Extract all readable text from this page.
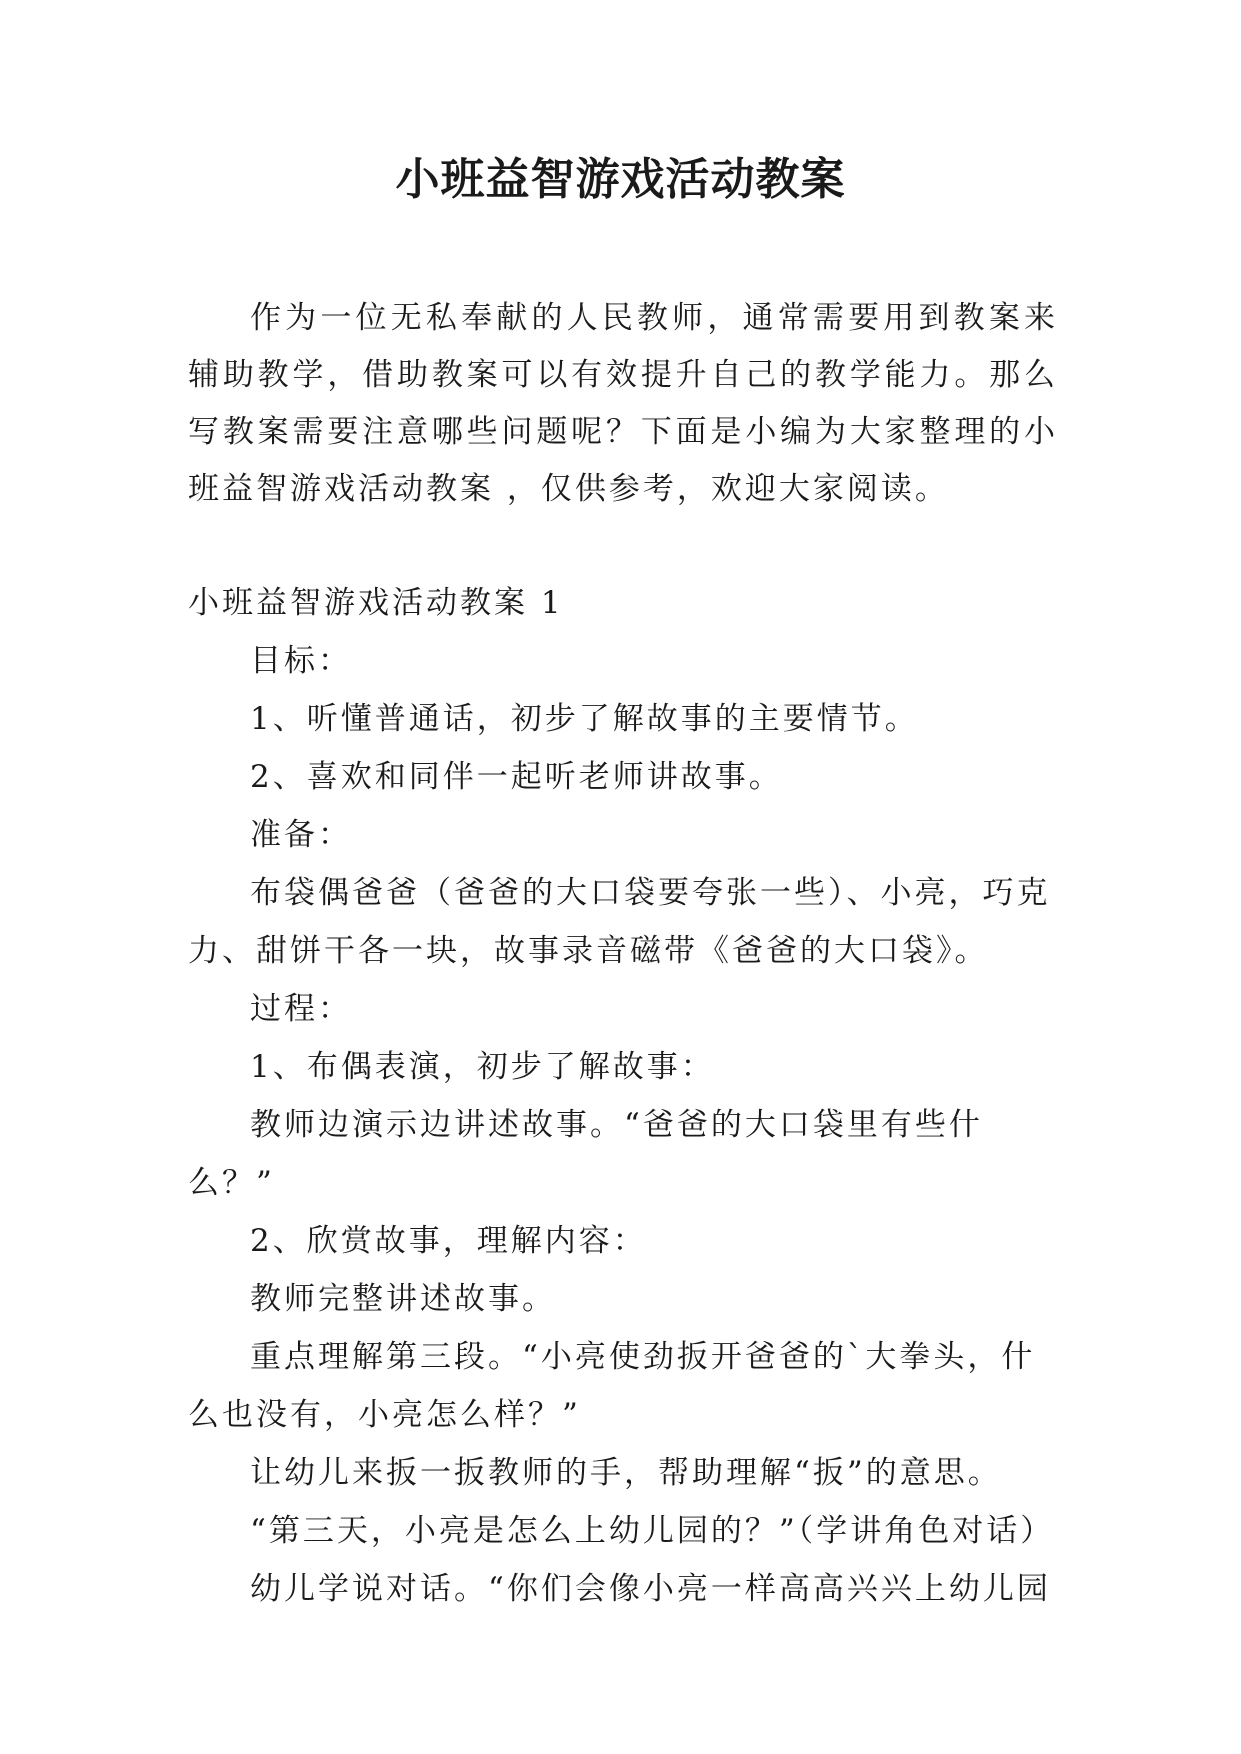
小班益智游戏活动教案

作为一位无私奉献的人民教师，通常需要用到教案来辅助教学，借助教案可以有效提升自己的教学能力。那么写教案需要注意哪些问题呢？下面是小编为大家整理的小班益智游戏活动教案 ，仅供参考，欢迎大家阅读。

小班益智游戏活动教案 1

目标：

1、听懂普通话，初步了解故事的主要情节。

2、喜欢和同伴一起听老师讲故事。

准备：

布袋偶爸爸（爸爸的大口袋要夸张一些）、小亮，巧克力、甜饼干各一块，故事录音磁带《爸爸的大口袋》。

过程：

1、布偶表演，初步了解故事：

教师边演示边讲述故事。“爸爸的大口袋里有些什么？”

2、欣赏故事，理解内容：

教师完整讲述故事。

重点理解第三段。“小亮使劲扳开爸爸的`大拳头，什么也没有，小亮怎么样？”

让幼儿来扳一扳教师的手，帮助理解“扳”的意思。

“第三天，小亮是怎么上幼儿园的？”（学讲角色对话）

幼儿学说对话。“你们会像小亮一样高高兴兴上幼儿园
